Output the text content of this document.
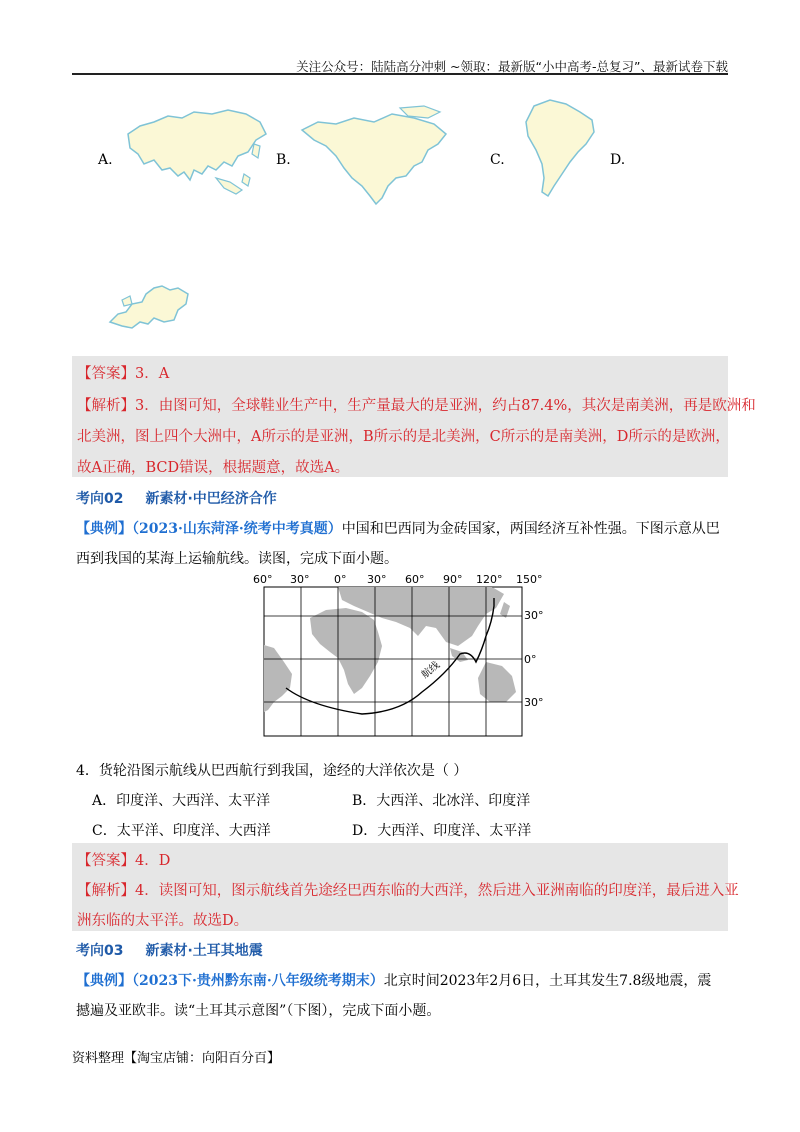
关注公众号：陆陆高分冲刺 ~领取：最新版“小中高考-总复习”、最新试卷下载
A.	B.	C.	D.
【答案】3．A
【解析】3．由图可知，全球鞋业生产中，生产量最大的是亚洲，约占87.4%，其次是南美洲，再是欧洲和
北美洲，图上四个大洲中，A所示的是亚洲，B所示的是北美洲，C所示的是南美洲，D所示的是欧洲，
故A正确，BCD错误，根据题意，故选A。
考向02 新素材·中巴经济合作
【典例】（2023·山东菏泽·统考中考真题）中国和巴西同为金砖国家，两国经济互补性强。下图示意从巴
西到我国的某海上运输航线。读图，完成下面小题。
60° 30° 0° 30° 60° 90° 120° 150°
30°
0°
30°
航线
4．货轮沿图示航线从巴西航行到我国，途经的大洋依次是（ ）
A．印度洋、大西洋、太平洋	B．大西洋、北冰洋、印度洋
C．太平洋、印度洋、大西洋	D．大西洋、印度洋、太平洋
【答案】4．D
【解析】4．读图可知，图示航线首先途经巴西东临的大西洋，然后进入亚洲南临的印度洋，最后进入亚
洲东临的太平洋。故选D。
考向03 新素材·土耳其地震
【典例】（2023下·贵州黔东南·八年级统考期末）北京时间2023年2月6日，土耳其发生7.8级地震，震
撼遍及亚欧非。读“土耳其示意图”（下图），完成下面小题。
资料整理【淘宝店铺：向阳百分百】
